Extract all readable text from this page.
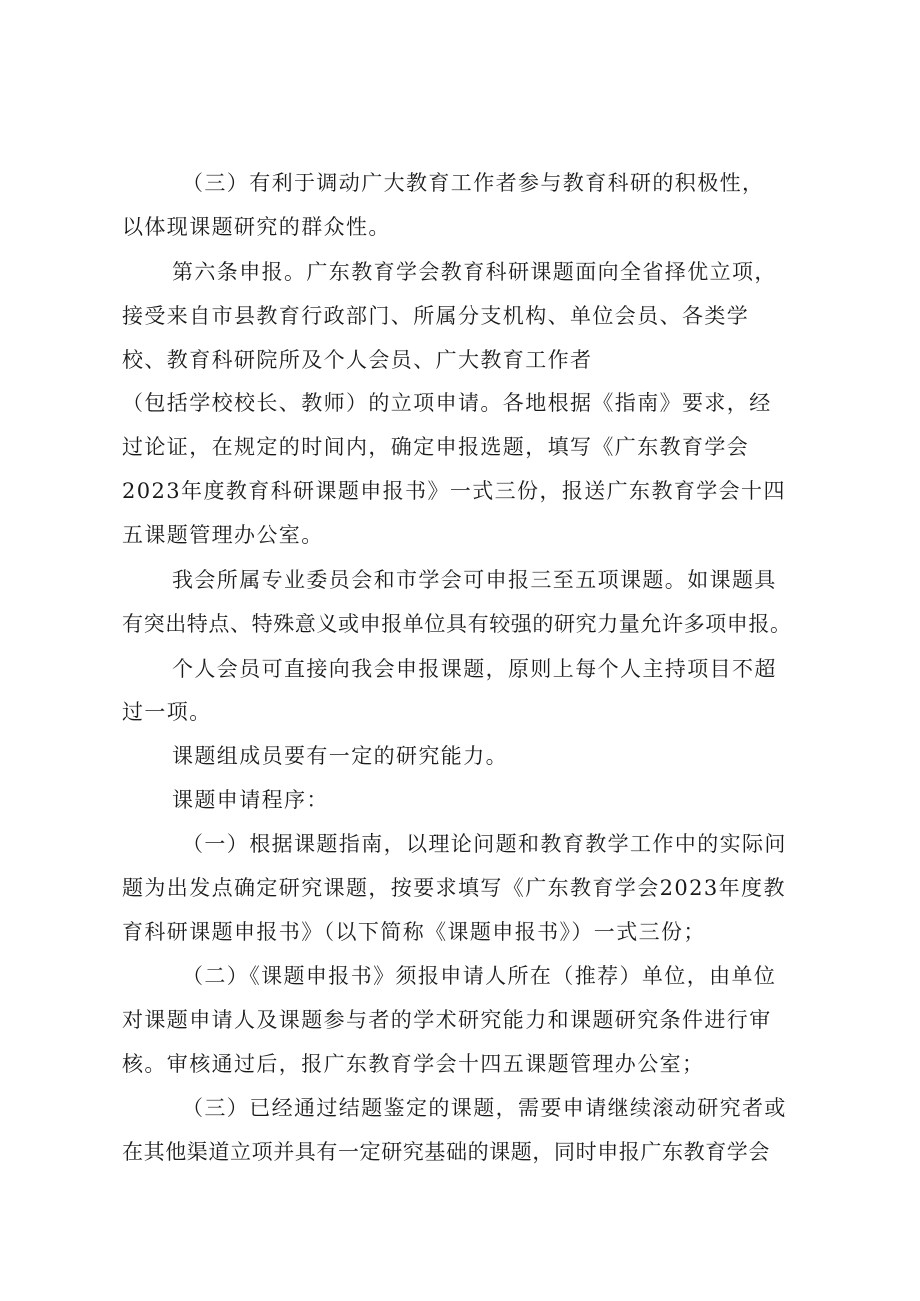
（三）有利于调动广大教育工作者参与教育科研的积极性，
以体现课题研究的群众性。
第六条申报。广东教育学会教育科研课题面向全省择优立项，
接受来自市县教育行政部门、所属分支机构、单位会员、各类学
校、教育科研院所及个人会员、广大教育工作者
（包括学校校长、教师）的立项申请。各地根据《指南》要求，经
过论证，在规定的时间内，确定申报选题，填写《广东教育学会
2023年度教育科研课题申报书》一式三份，报送广东教育学会十四
五课题管理办公室。
我会所属专业委员会和市学会可申报三至五项课题。如课题具
有突出特点、特殊意义或申报单位具有较强的研究力量允许多项申报。
个人会员可直接向我会申报课题，原则上每个人主持项目不超
过一项。
课题组成员要有一定的研究能力。
课题申请程序：
（一）根据课题指南，以理论问题和教育教学工作中的实际问
题为出发点确定研究课题，按要求填写《广东教育学会2023年度教
育科研课题申报书》（以下简称《课题申报书》）一式三份；
（二）《课题申报书》须报申请人所在（推荐）单位，由单位
对课题申请人及课题参与者的学术研究能力和课题研究条件进行审
核。审核通过后，报广东教育学会十四五课题管理办公室；
（三）已经通过结题鉴定的课题，需要申请继续滚动研究者或
在其他渠道立项并具有一定研究基础的课题，同时申报广东教育学会
